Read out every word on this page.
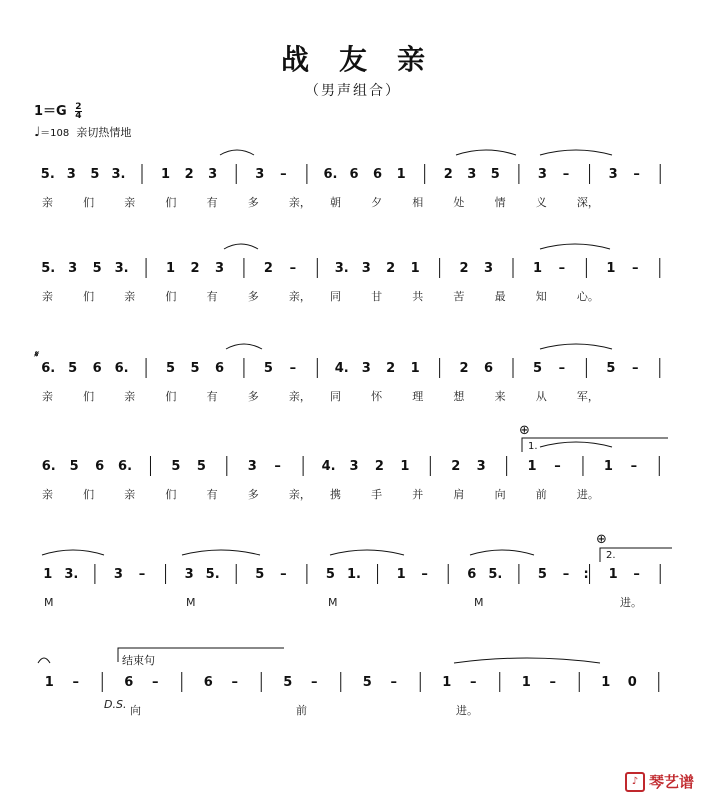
战友亲
（男声组合）
$1=G \frac{2}{4}$
♩＝108 亲切热情地
5. 3 5 3.	1 2 3	3 –	6. 6 6 1	2 3 5	3 –	3 –
5. 3 5 3.	1 2 3	2 –	3. 3 2 1	2 3	1 –	1 –
6. 5 6 6.	5 5 6	5 –	4. 3 2 1	2 6	5 –	5 –
6. 5 6 6.	5 5	3 –	4. 3 2 1	2 3	1 –	1 –
1 3.	3 –	3 5.	5 –	5 1.	1 –	6 5.	5 – : 1 –
1 –	6 –	6 –	5 –	5 –	1 –	1 –	1 0
亲	们	亲	们	有	多	亲， 朝	夕	相	处	情	义	深，
亲	们	亲	们	有	多	亲， 同	甘	共	苦	最	知	心。
亲	们	亲	们	有	多	亲， 同	怀	理	想	来	从	军，
亲	们	亲	们	有	多	亲， 携	手	并	肩	向	前	进。
M	M	M	M	进。
D.S. 向	前	进。
𝄋
⊕
1.
⊕
2.
结束句
♪ 琴艺谱
